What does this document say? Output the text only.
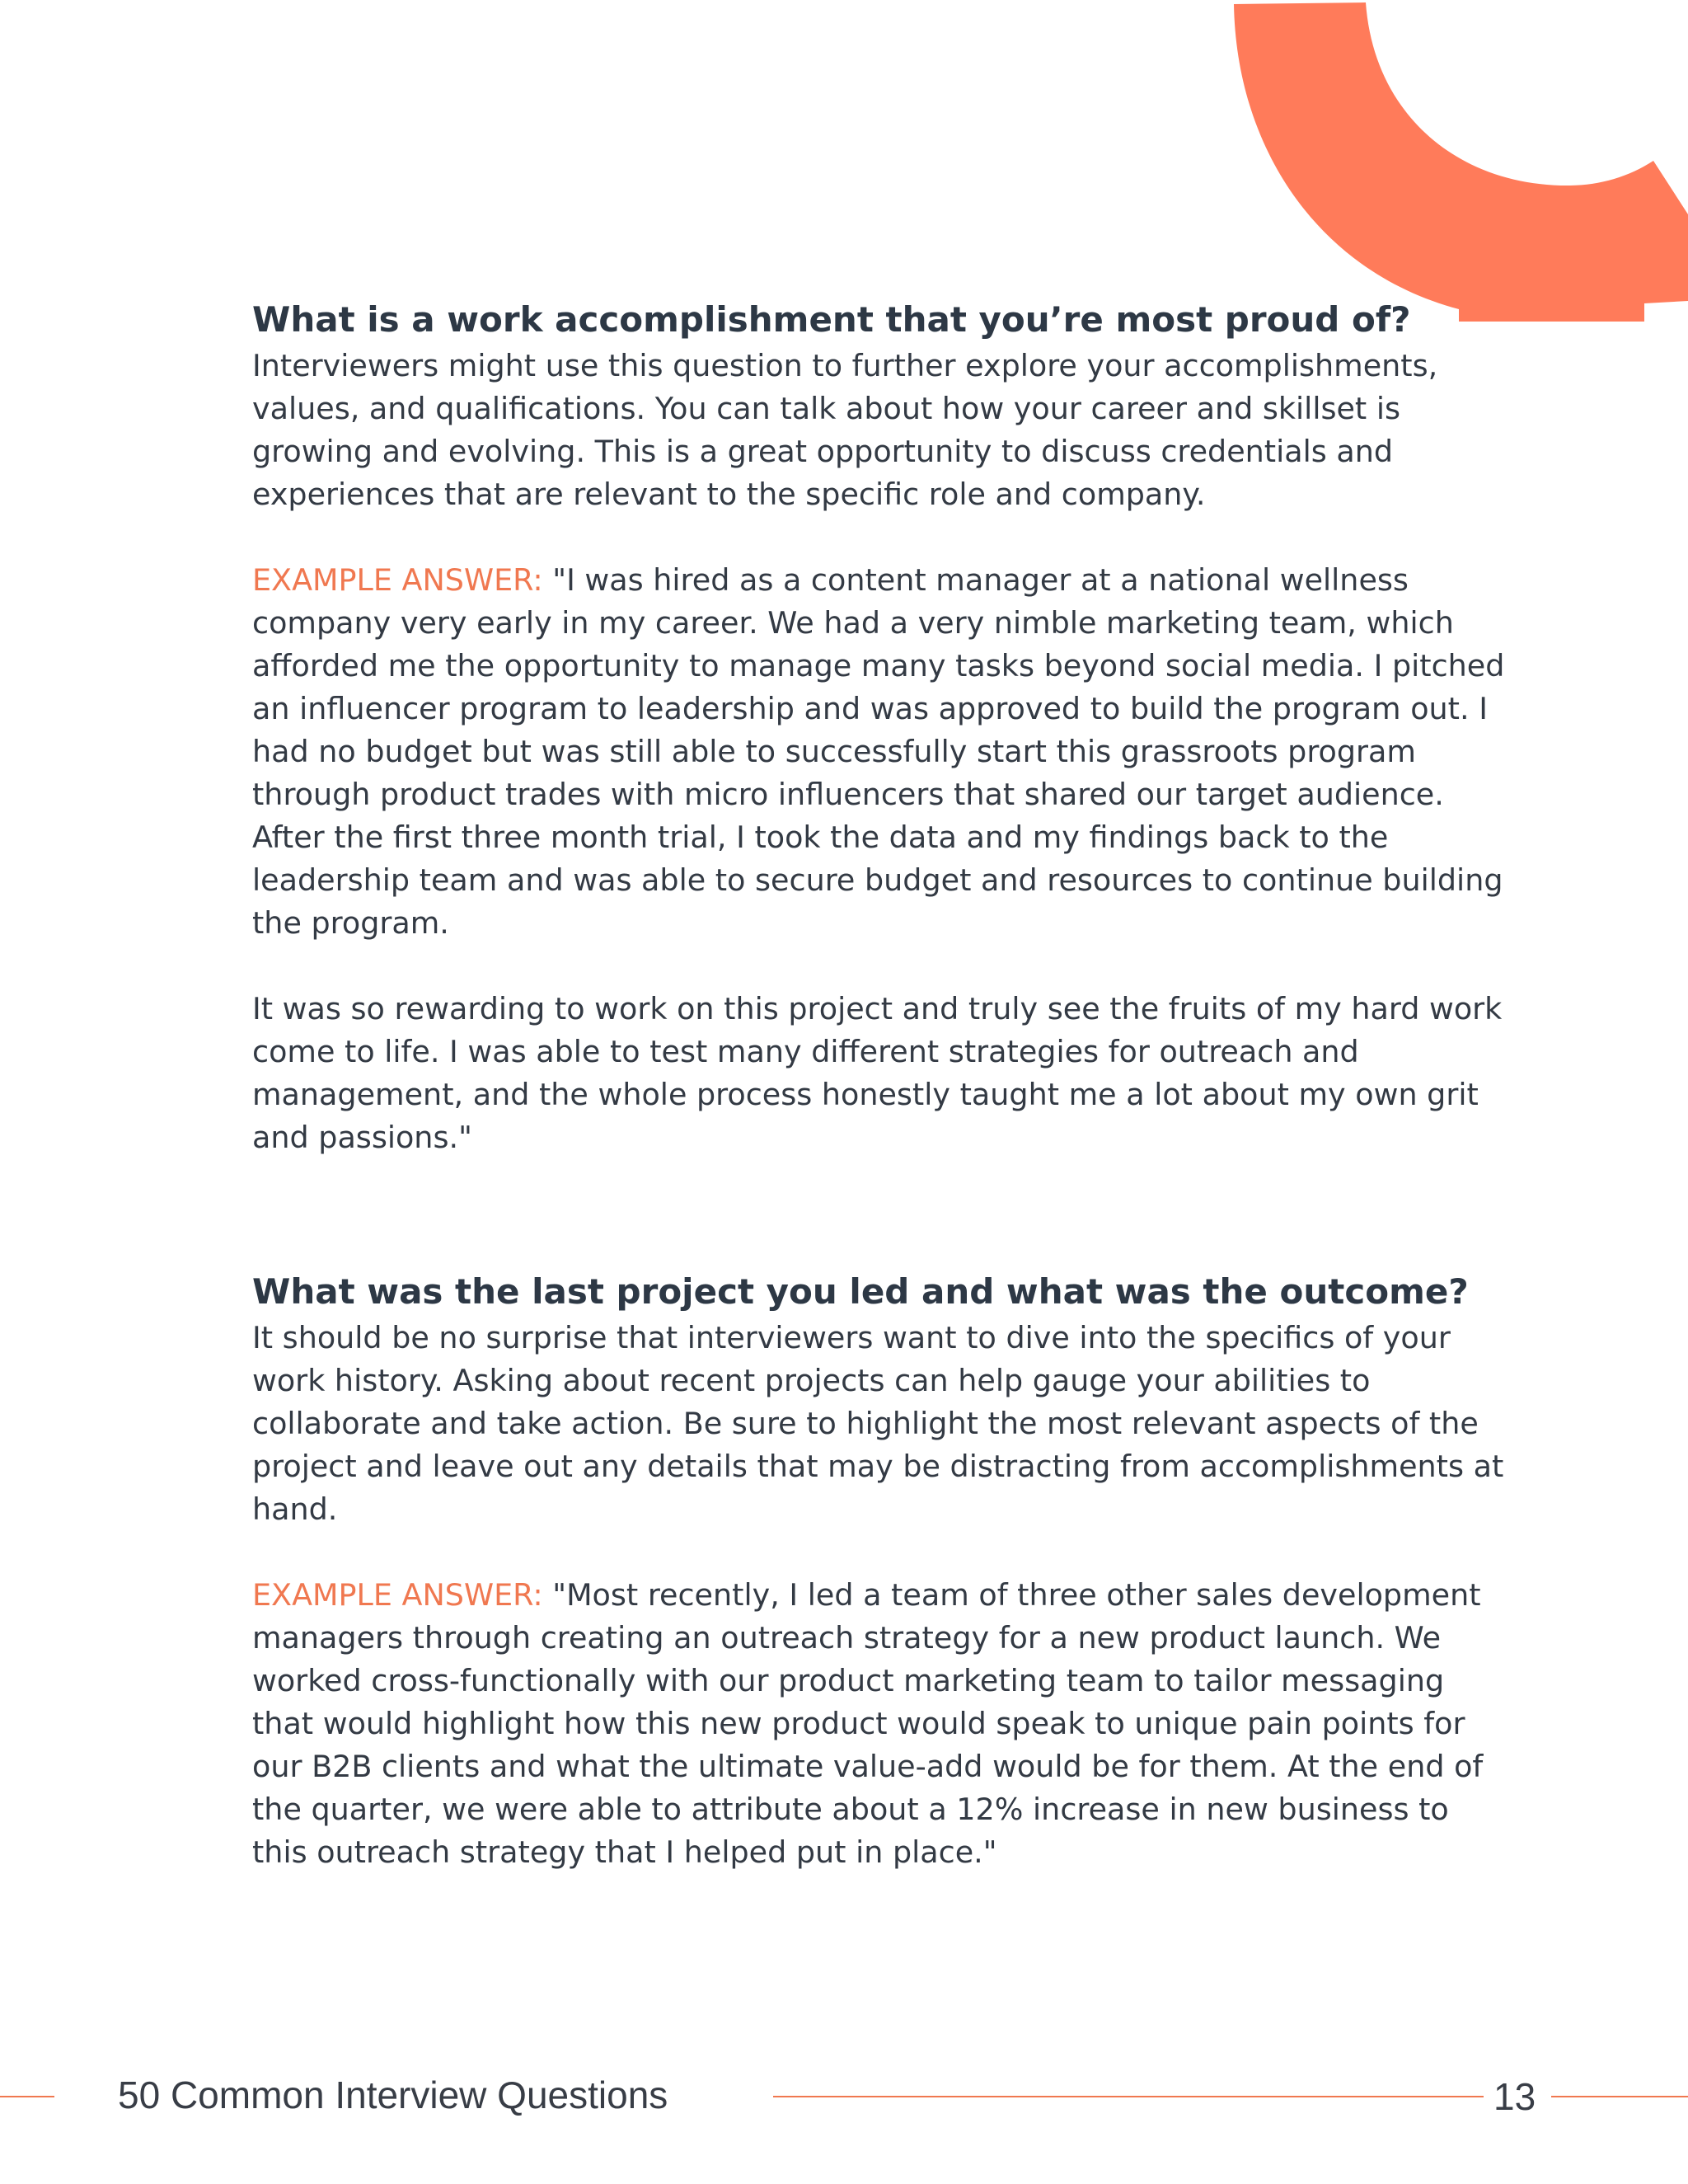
What is a work accomplishment that you’re most proud of?

Interviewers might use this question to further explore your accomplishments, values, and qualifications. You can talk about how your career and skillset is growing and evolving. This is a great opportunity to discuss credentials and experiences that are relevant to the specific role and company.

EXAMPLE ANSWER: "I was hired as a content manager at a national wellness company very early in my career. We had a very nimble marketing team, which afforded me the opportunity to manage many tasks beyond social media. I pitched an influencer program to leadership and was approved to build the program out. I had no budget but was still able to successfully start this grassroots program through product trades with micro influencers that shared our target audience. After the first three month trial, I took the data and my findings back to the leadership team and was able to secure budget and resources to continue building the program.

It was so rewarding to work on this project and truly see the fruits of my hard work come to life. I was able to test many different strategies for outreach and management, and the whole process honestly taught me a lot about my own grit and passions."

What was the last project you led and what was the outcome?

It should be no surprise that interviewers want to dive into the specifics of your work history. Asking about recent projects can help gauge your abilities to collaborate and take action. Be sure to highlight the most relevant aspects of the project and leave out any details that may be distracting from accomplishments at hand.

EXAMPLE ANSWER: "Most recently, I led a team of three other sales development managers through creating an outreach strategy for a new product launch. We worked cross-functionally with our product marketing team to tailor messaging that would highlight how this new product would speak to unique pain points for our B2B clients and what the ultimate value-add would be for them. At the end of the quarter, we were able to attribute about a 12% increase in new business to this outreach strategy that I helped put in place."

50 Common Interview Questions	13
